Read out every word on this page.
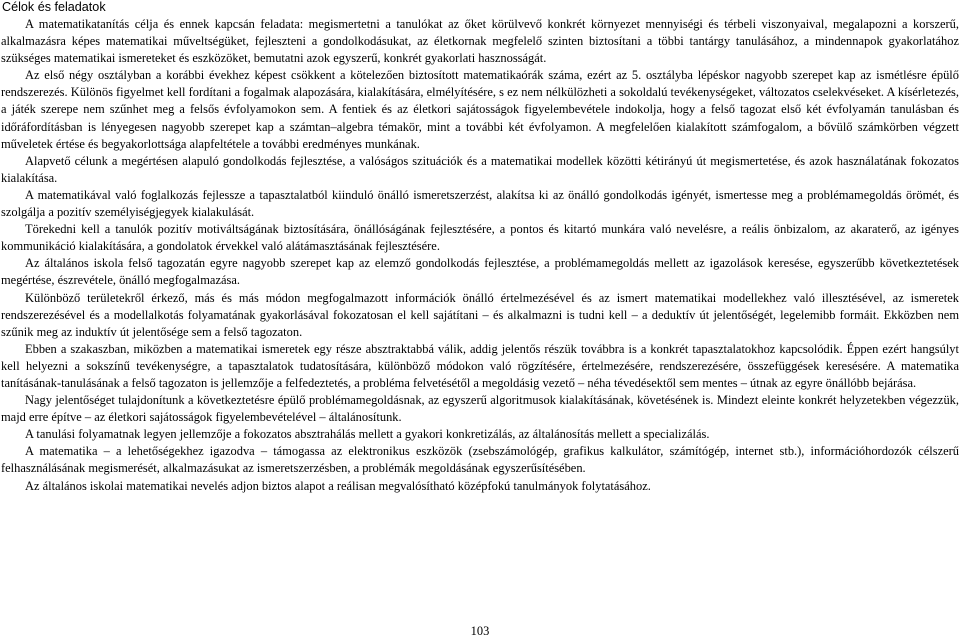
Célok és feladatok

A matematikatanítás célja és ennek kapcsán feladata: megismertetni a tanulókat az őket körülvevő konkrét környezet mennyiségi és térbeli viszonyaival, megalapozni a korszerű, alkalmazásra képes matematikai műveltségüket, fejleszteni a gondolkodásukat, az életkornak megfelelő szinten biztosítani a többi tantárgy tanulásához, a mindennapok gyakorlatához szükséges matematikai ismereteket és eszközöket, bemutatni azok egyszerű, konkrét gyakorlati hasznosságát.

Az első négy osztályban a korábbi évekhez képest csökkent a kötelezően biztosított matematikaórák száma, ezért az 5. osztályba lépéskor nagyobb szerepet kap az ismétlésre épülő rendszerezés. Különös figyelmet kell fordítani a fogalmak alapozására, kialakítására, elmélyítésére, s ez nem nélkülözheti a sokoldalú tevékenységeket, változatos cselekvéseket. A kísérletezés, a játék szerepe nem szűnhet meg a felsős évfolyamokon sem. A fentiek és az életkori sajátosságok figyelembevétele indokolja, hogy a felső tagozat első két évfolyamán tanulásban és időráfordításban is lényegesen nagyobb szerepet kap a számtan–algebra témakör, mint a további két évfolyamon. A megfelelően kialakított számfogalom, a bővülő számkörben végzett műveletek értése és begyakorlottsága alapfeltétele a további eredményes munkának.

Alapvető célunk a megértésen alapuló gondolkodás fejlesztése, a valóságos szituációk és a matematikai modellek közötti kétirányú út megismertetése, és azok használatának fokozatos kialakítása.

A matematikával való foglalkozás fejlessze a tapasztalatból kiinduló önálló ismeretszerzést, alakítsa ki az önálló gondolkodás igényét, ismertesse meg a problémamegoldás örömét, és szolgálja a pozitív személyiségjegyek kialakulását.

Törekedni kell a tanulók pozitív motiváltságának biztosítására, önállóságának fejlesztésére, a pontos és kitartó munkára való nevelésre, a reális önbizalom, az akaraterő, az igényes kommunikáció kialakítására, a gondolatok érvekkel való alátámasztásának fejlesztésére.

Az általános iskola felső tagozatán egyre nagyobb szerepet kap az elemző gondolkodás fejlesztése, a problémamegoldás mellett az igazolások keresése, egyszerűbb következtetések megértése, észrevétele, önálló megfogalmazása.

Különböző területekről érkező, más és más módon megfogalmazott információk önálló értelmezésével és az ismert matematikai modellekhez való illesztésével, az ismeretek rendszerezésével és a modellalkotás folyamatának gyakorlásával fokozatosan el kell sajátítani – és alkalmazni is tudni kell – a deduktív út jelentőségét, legelemibb formáit. Ekközben nem szűnik meg az induktív út jelentősége sem a felső tagozaton.

Ebben a szakaszban, miközben a matematikai ismeretek egy része absztraktabbá válik, addig jelentős részük továbbra is a konkrét tapasztalatokhoz kapcsolódik. Éppen ezért hangsúlyt kell helyezni a sokszínű tevékenységre, a tapasztalatok tudatosítására, különböző módokon való rögzítésére, értelmezésére, rendszerezésére, összefüggések keresésére. A matematika tanításának-tanulásának a felső tagozaton is jellemzője a felfedeztetés, a probléma felvetésétől a megoldásig vezető – néha tévedésektől sem mentes – útnak az egyre önállóbb bejárása.

Nagy jelentőséget tulajdonítunk a következtetésre épülő problémamegoldásnak, az egyszerű algoritmusok kialakításának, követésének is. Mindezt eleinte konkrét helyzetekben végezzük, majd erre építve – az életkori sajátosságok figyelembevételével – általánosítunk.

A tanulási folyamatnak legyen jellemzője a fokozatos absztrahálás mellett a gyakori konkretizálás, az általánosítás mellett a specializálás.

A matematika – a lehetőségekhez igazodva – támogassa az elektronikus eszközök (zsebszámológép, grafikus kalkulátor, számítógép, internet stb.), információhordozók célszerű felhasználásának megismerését, alkalmazásukat az ismeretszerzésben, a problémák megoldásának egyszerűsítésében.

Az általános iskolai matematikai nevelés adjon biztos alapot a reálisan megvalósítható középfokú tanulmányok folytatásához.

103
